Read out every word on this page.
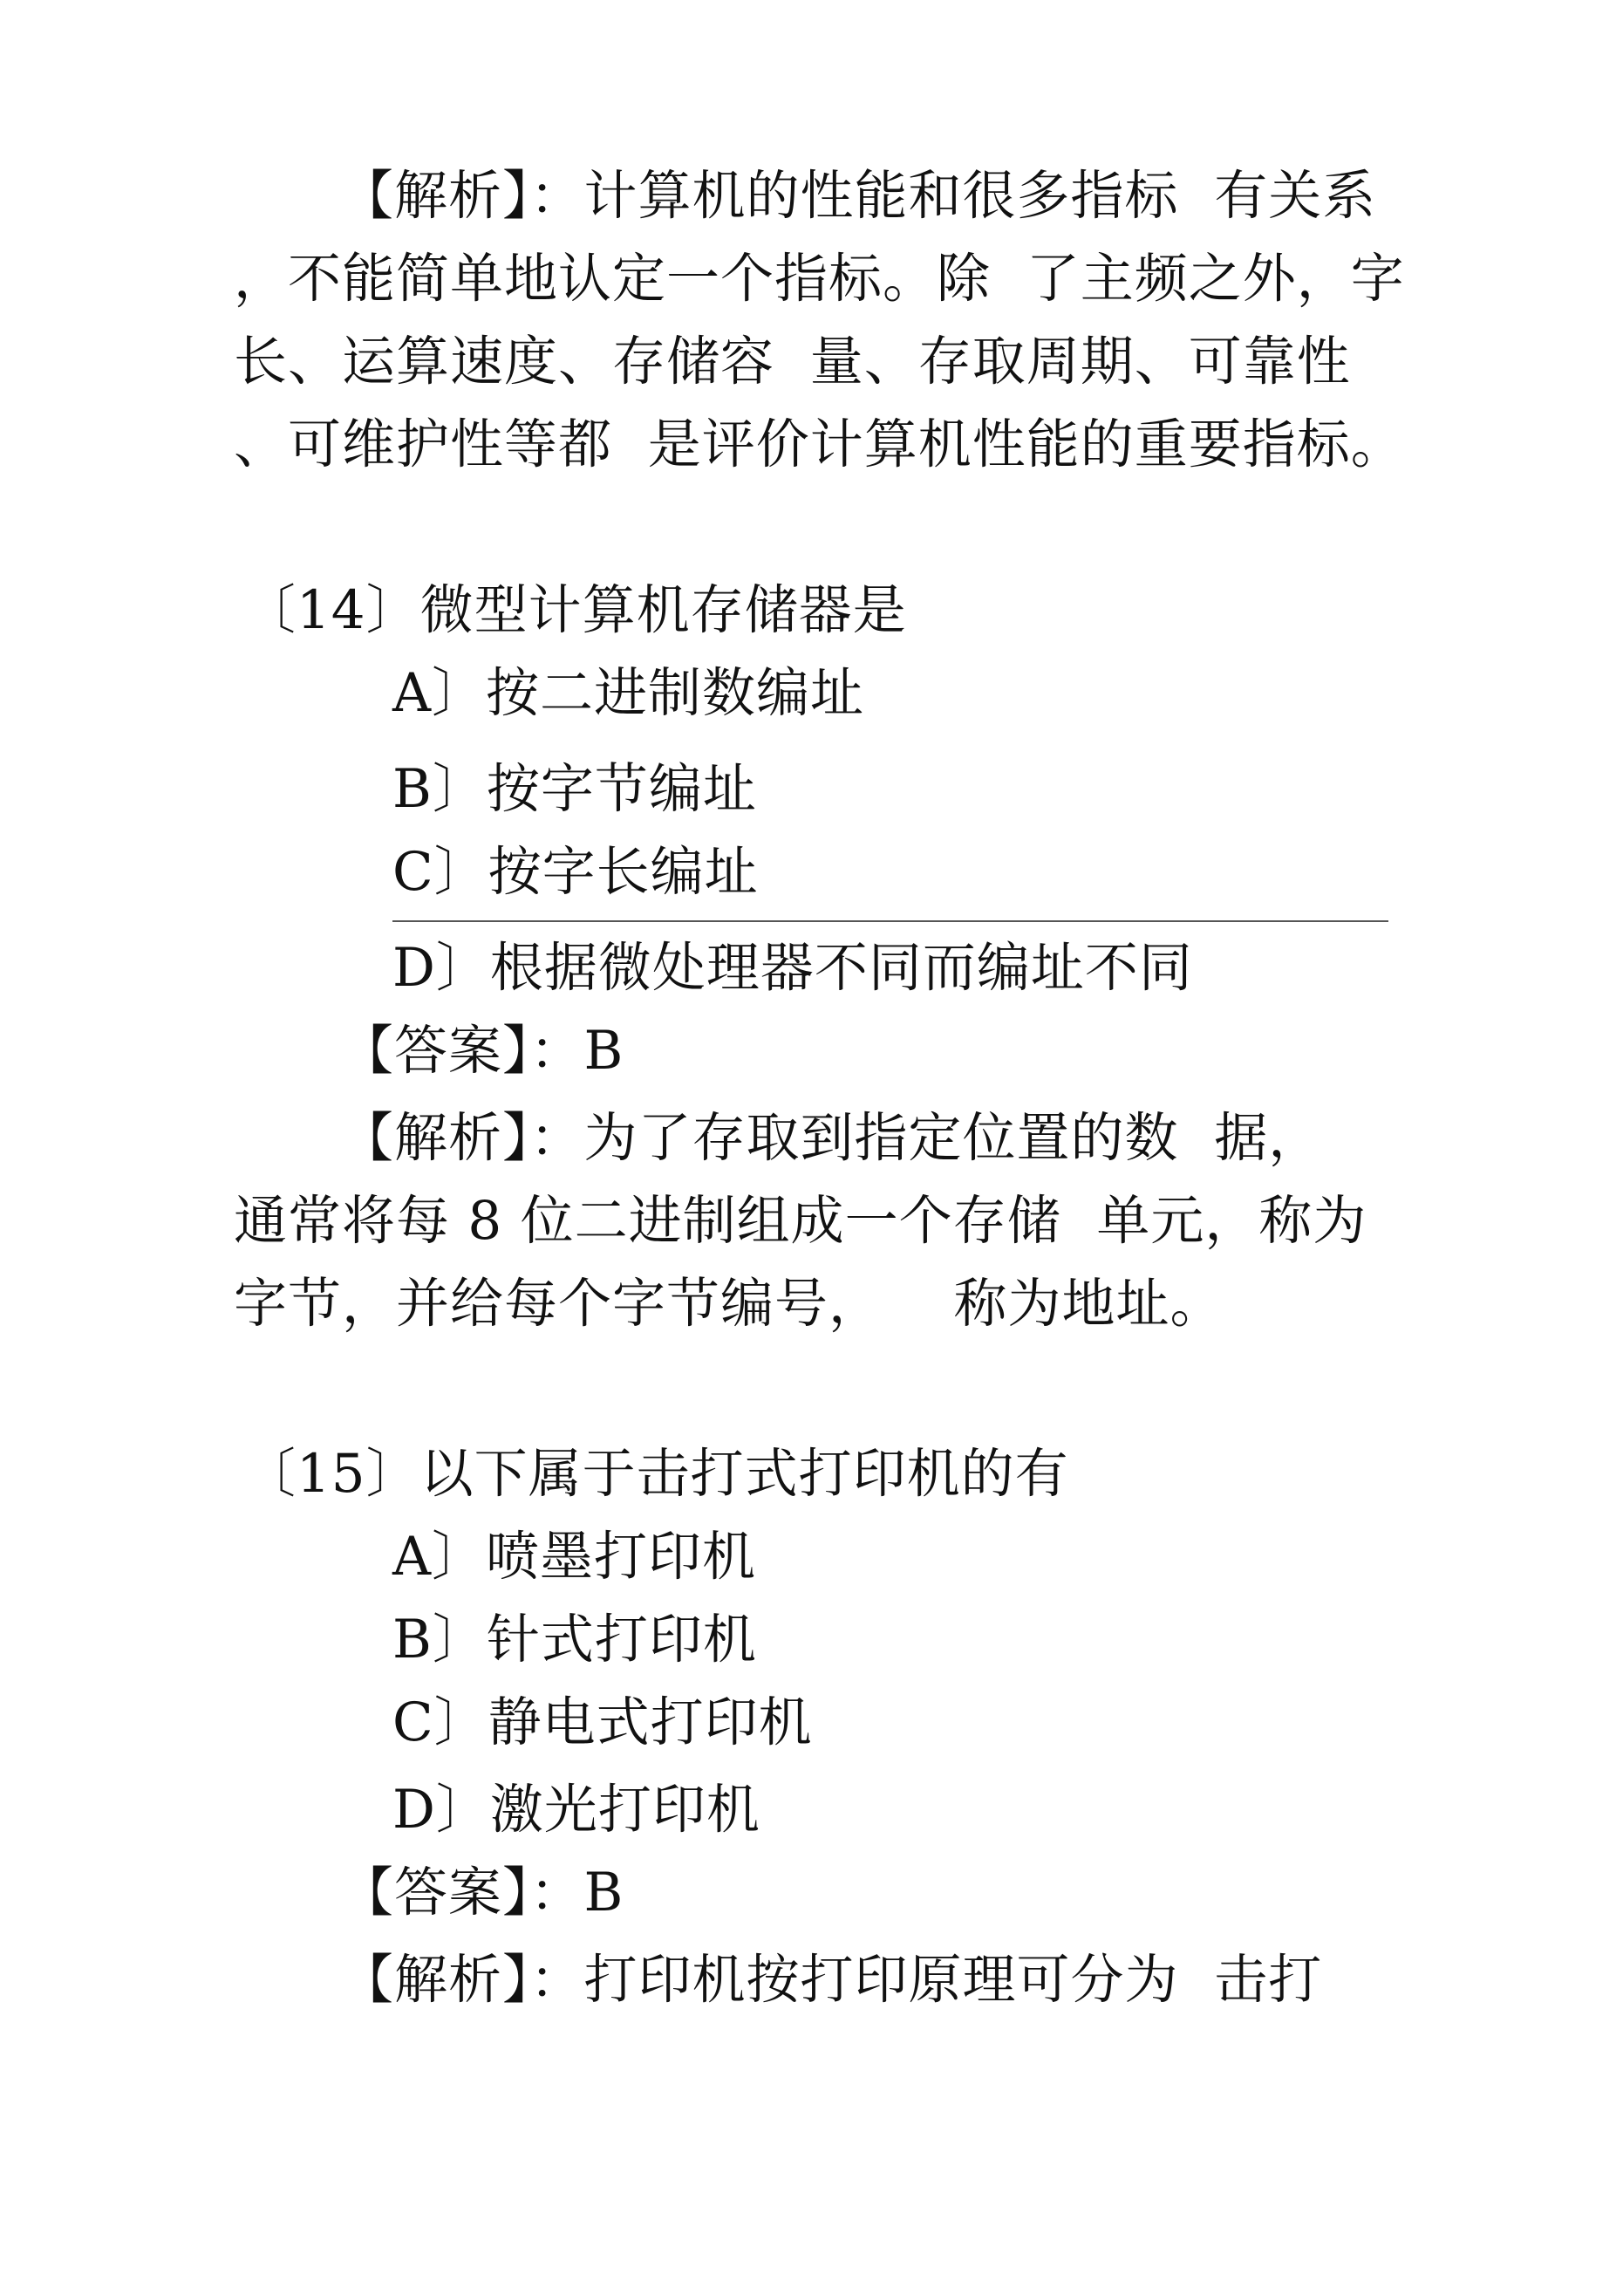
【解析】：计算机的性能和很多指标  有关系
，不能简单地认定一个指标。除  了主频之外，字
长、运算速度、存储容  量、存取周期、可靠性
、可维护性等都  是评价计算机性能的重要指标。
〔14〕微型计算机存储器是
A〕按二进制数编址
B〕按字节编址
C〕按字长编址
D〕根据微处理器不同而编址不同
【答案】：B
【解析】：为了存取到指定位置的数  据，
通常将每 8 位二进制组成一个存储  单元，称为
字节，并给每个字节编号，    称为地址。
〔15〕以下属于击打式打印机的有
A〕喷墨打印机
B〕针式打印机
C〕静电式打印机
D〕激光打印机
【答案】：B
【解析】：打印机按打印原理可分为  击打
